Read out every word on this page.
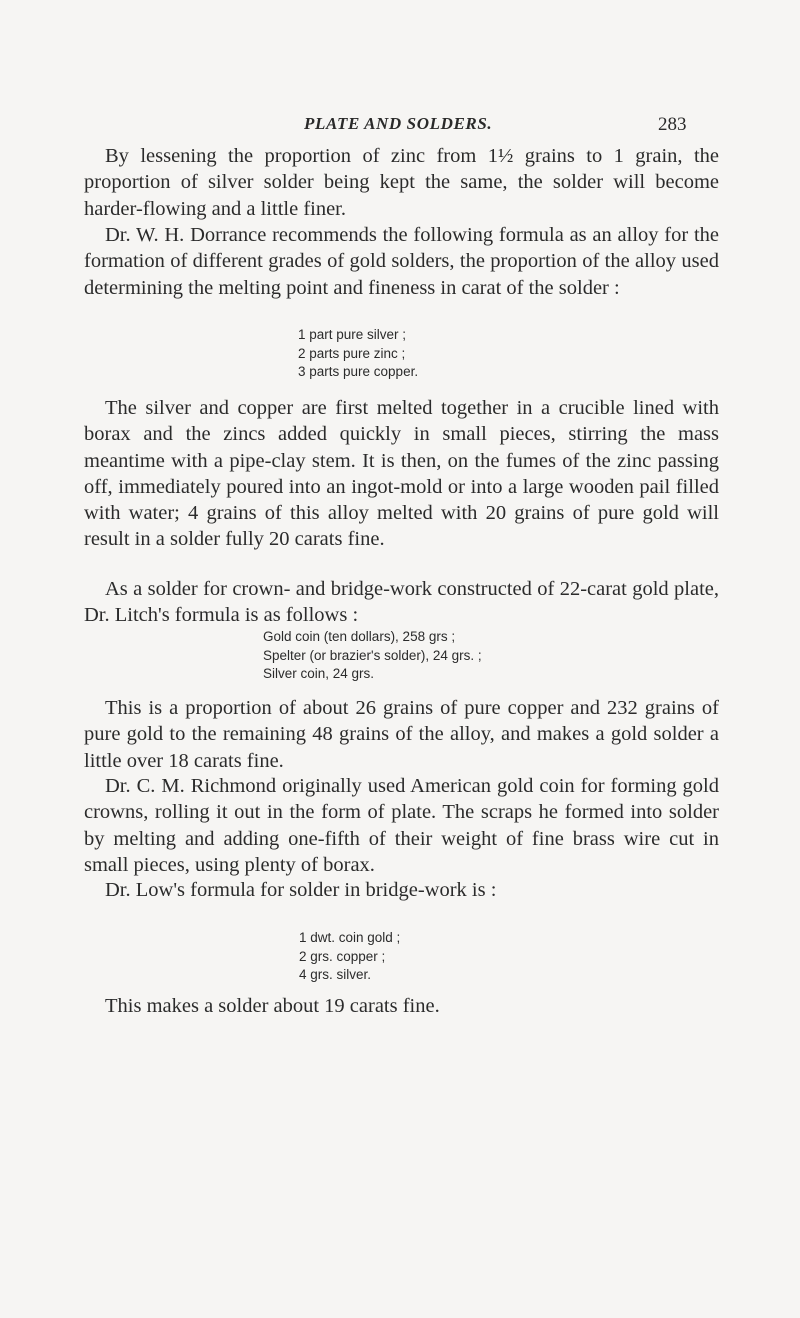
PLATE AND SOLDERS.	283

By lessening the proportion of zinc from 1½ grains to 1 grain, the proportion of silver solder being kept the same, the solder will become harder-flowing and a little finer.

Dr. W. H. Dorrance recommends the following formula as an alloy for the formation of different grades of gold solders, the proportion of the alloy used determining the melting point and fineness in carat of the solder :

1 part pure silver ;
2 parts pure zinc ;
3 parts pure copper.

The silver and copper are first melted together in a crucible lined with borax and the zincs added quickly in small pieces, stirring the mass meantime with a pipe-clay stem. It is then, on the fumes of the zinc passing off, immediately poured into an ingot-mold or into a large wooden pail filled with water; 4 grains of this alloy melted with 20 grains of pure gold will result in a solder fully 20 carats fine.

As a solder for crown- and bridge-work constructed of 22-carat gold plate, Dr. Litch's formula is as follows :

Gold coin (ten dollars), 258 grs ;
Spelter (or brazier's solder), 24 grs. ;
Silver coin, 24 grs.

This is a proportion of about 26 grains of pure copper and 232 grains of pure gold to the remaining 48 grains of the alloy, and makes a gold solder a little over 18 carats fine.

Dr. C. M. Richmond originally used American gold coin for forming gold crowns, rolling it out in the form of plate. The scraps he formed into solder by melting and adding one-fifth of their weight of fine brass wire cut in small pieces, using plenty of borax.

Dr. Low's formula for solder in bridge-work is :

1 dwt. coin gold ;
2 grs. copper ;
4 grs. silver.

This makes a solder about 19 carats fine.
